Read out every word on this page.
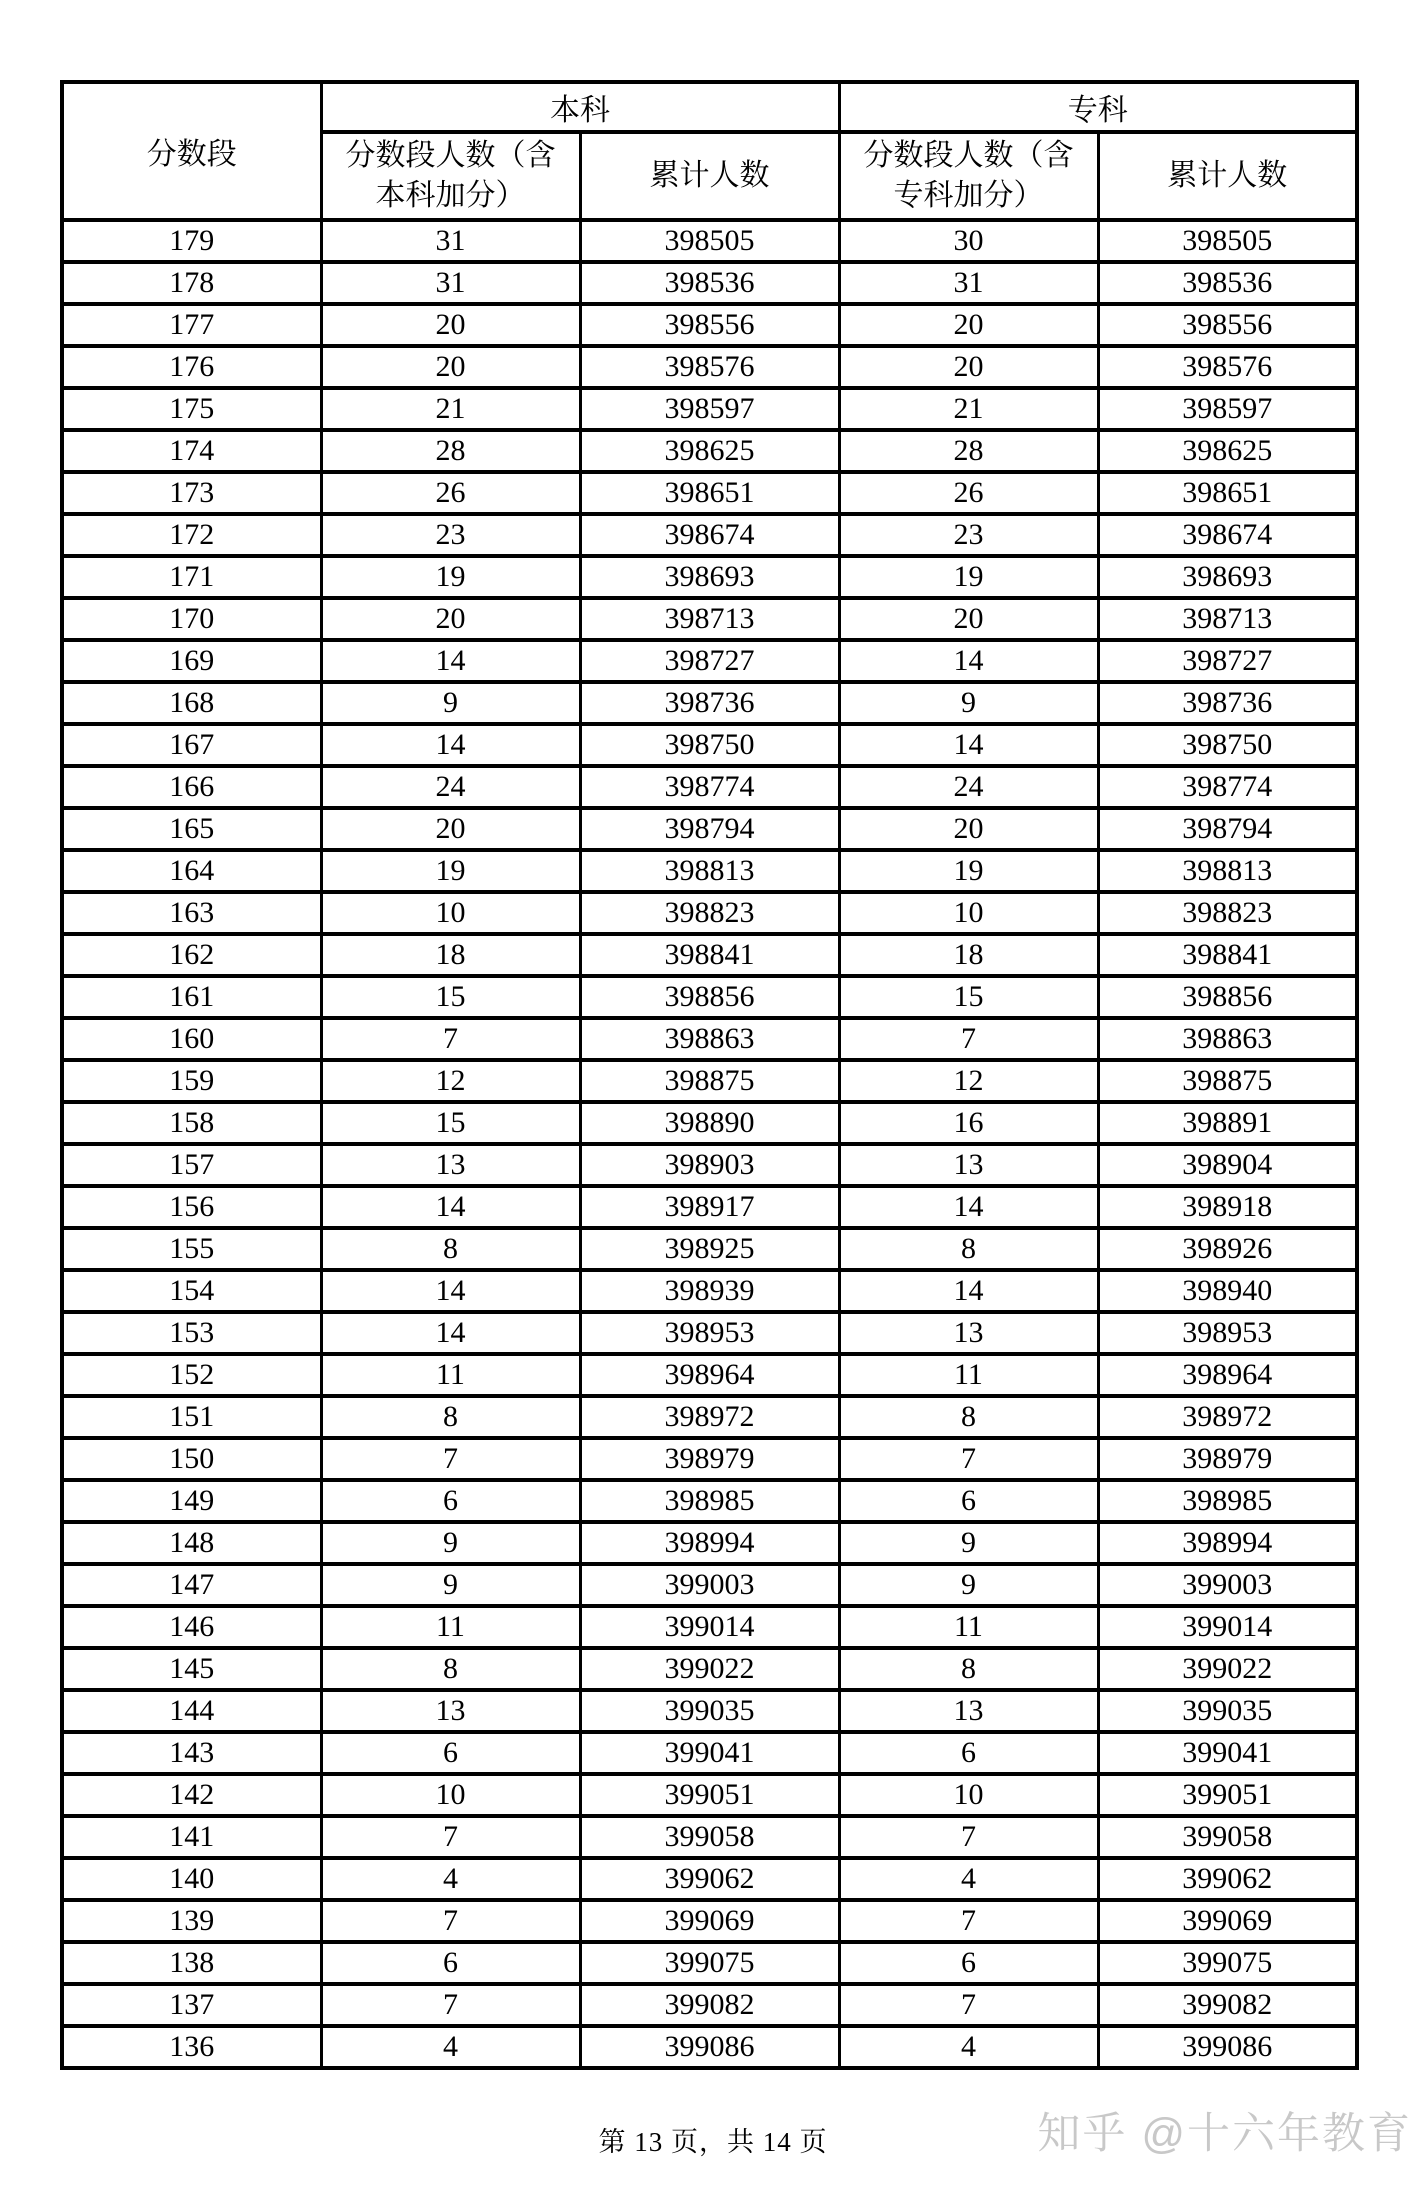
分数段	本科		专科	
	分数段人数（含
本科加分）	累计人数	分数段人数（含
专科加分）	累计人数
179	31	398505	30	398505
178	31	398536	31	398536
177	20	398556	20	398556
176	20	398576	20	398576
175	21	398597	21	398597
174	28	398625	28	398625
173	26	398651	26	398651
172	23	398674	23	398674
171	19	398693	19	398693
170	20	398713	20	398713
169	14	398727	14	398727
168	9	398736	9	398736
167	14	398750	14	398750
166	24	398774	24	398774
165	20	398794	20	398794
164	19	398813	19	398813
163	10	398823	10	398823
162	18	398841	18	398841
161	15	398856	15	398856
160	7	398863	7	398863
159	12	398875	12	398875
158	15	398890	16	398891
157	13	398903	13	398904
156	14	398917	14	398918
155	8	398925	8	398926
154	14	398939	14	398940
153	14	398953	13	398953
152	11	398964	11	398964
151	8	398972	8	398972
150	7	398979	7	398979
149	6	398985	6	398985
148	9	398994	9	398994
147	9	399003	9	399003
146	11	399014	11	399014
145	8	399022	8	399022
144	13	399035	13	399035
143	6	399041	6	399041
142	10	399051	10	399051
141	7	399058	7	399058
140	4	399062	4	399062
139	7	399069	7	399069
138	6	399075	6	399075
137	7	399082	7	399082
136	4	399086	4	399086
第 13 页，共 14 页	知乎 @十六年教育
